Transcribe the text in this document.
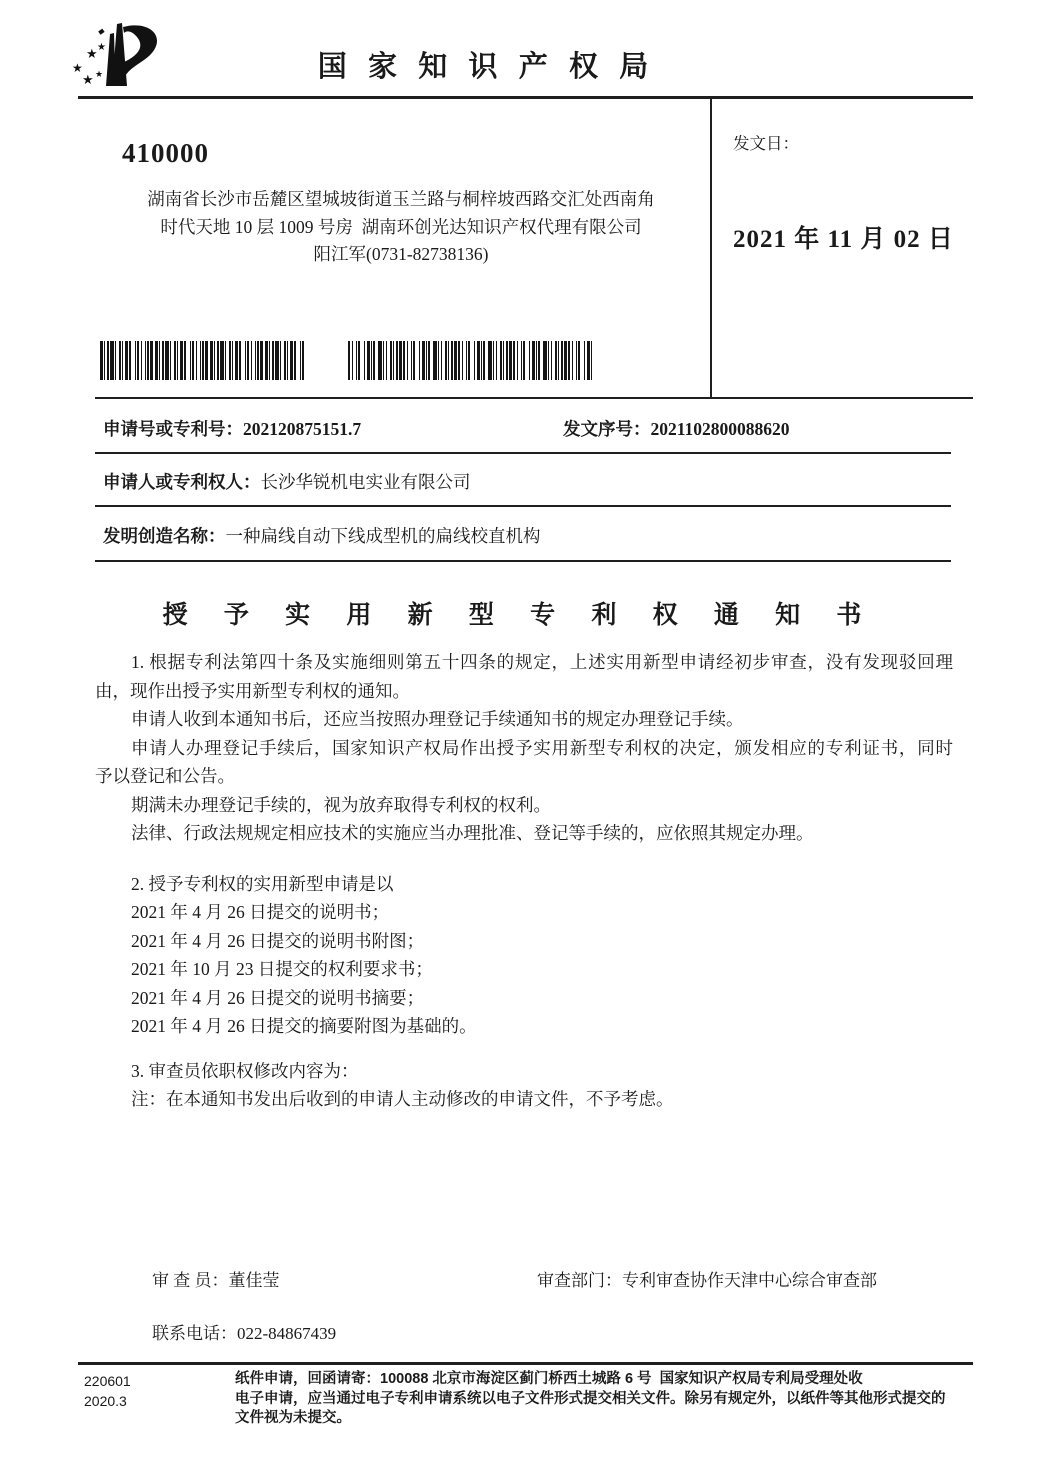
★ ★
★
★ ★	国 家 知 识 产 权 局
410000
湖南省长沙市岳麓区望城坡街道玉兰路与桐梓坡西路交汇处西南角
时代天地 10 层 1009 号房  湖南环创光达知识产权代理有限公司
阳江军(0731-82738136)
发文日：
2021 年 11 月 02 日
申请号或专利号：202120875151.7	发文序号：2021102800088620
申请人或专利权人：长沙华锐机电实业有限公司
发明创造名称：一种扁线自动下线成型机的扁线校直机构
授 予 实 用 新 型 专 利 权 通 知 书
1. 根据专利法第四十条及实施细则第五十四条的规定，上述实用新型申请经初步审查，没有发现驳回理
由，现作出授予实用新型专利权的通知。
申请人收到本通知书后，还应当按照办理登记手续通知书的规定办理登记手续。
申请人办理登记手续后，国家知识产权局作出授予实用新型专利权的决定，颁发相应的专利证书，同时
予以登记和公告。
期满未办理登记手续的，视为放弃取得专利权的权利。
法律、行政法规规定相应技术的实施应当办理批准、登记等手续的，应依照其规定办理。
2. 授予专利权的实用新型申请是以
2021 年 4 月 26 日提交的说明书；
2021 年 4 月 26 日提交的说明书附图；
2021 年 10 月 23 日提交的权利要求书；
2021 年 4 月 26 日提交的说明书摘要；
2021 年 4 月 26 日提交的摘要附图为基础的。
3. 审查员依职权修改内容为：
注：在本通知书发出后收到的申请人主动修改的申请文件，不予考虑。
审 查 员：董佳莹	审查部门：专利审查协作天津中心综合审查部
联系电话：022-84867439
220601
2020.3
纸件申请，回函请寄：100088 北京市海淀区蓟门桥西土城路 6 号  国家知识产权局专利局受理处收
电子申请，应当通过电子专利申请系统以电子文件形式提交相关文件。除另有规定外，以纸件等其他形式提交的
文件视为未提交。
